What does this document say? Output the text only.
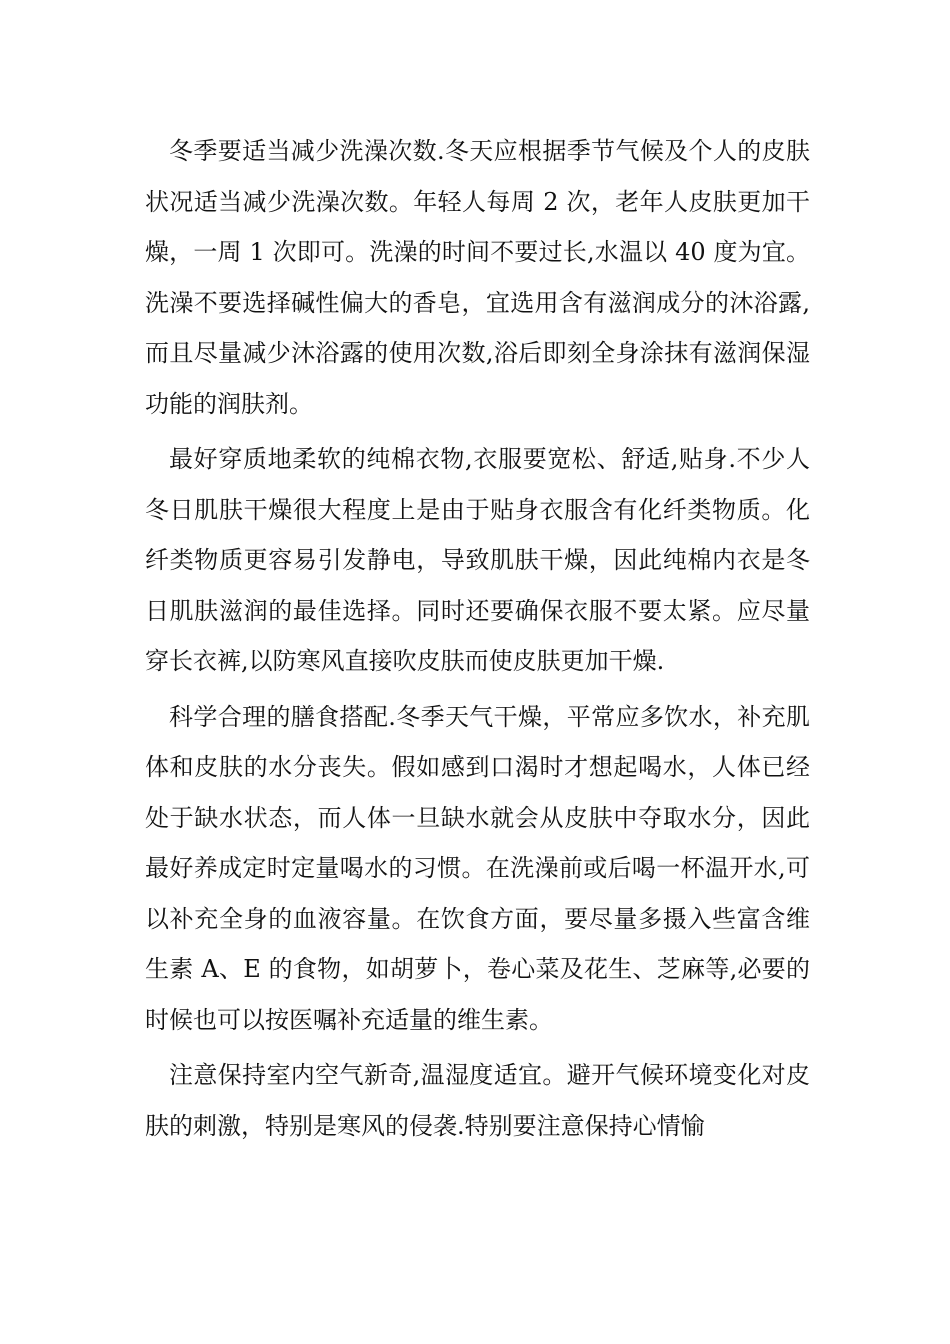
冬季要适当减少洗澡次数.冬天应根据季节气候及个人的皮肤状况适当减少洗澡次数。年轻人每周 2 次，老年人皮肤更加干燥，一周 1 次即可。洗澡的时间不要过长,水温以 40 度为宜。洗澡不要选择碱性偏大的香皂，宜选用含有滋润成分的沐浴露,而且尽量减少沐浴露的使用次数,浴后即刻全身涂抹有滋润保湿功能的润肤剂。

最好穿质地柔软的纯棉衣物,衣服要宽松、舒适,贴身.不少人冬日肌肤干燥很大程度上是由于贴身衣服含有化纤类物质。化纤类物质更容易引发静电，导致肌肤干燥，因此纯棉内衣是冬日肌肤滋润的最佳选择。同时还要确保衣服不要太紧。应尽量穿长衣裤,以防寒风直接吹皮肤而使皮肤更加干燥.

科学合理的膳食搭配.冬季天气干燥，平常应多饮水，补充肌体和皮肤的水分丧失。假如感到口渴时才想起喝水，人体已经处于缺水状态，而人体一旦缺水就会从皮肤中夺取水分，因此最好养成定时定量喝水的习惯。在洗澡前或后喝一杯温开水,可以补充全身的血液容量。在饮食方面，要尽量多摄入些富含维生素 A、E 的食物，如胡萝卜，卷心菜及花生、芝麻等,必要的时候也可以按医嘱补充适量的维生素。

注意保持室内空气新奇,温湿度适宜。避开气候环境变化对皮肤的刺激，特别是寒风的侵袭.特别要注意保持心情愉
